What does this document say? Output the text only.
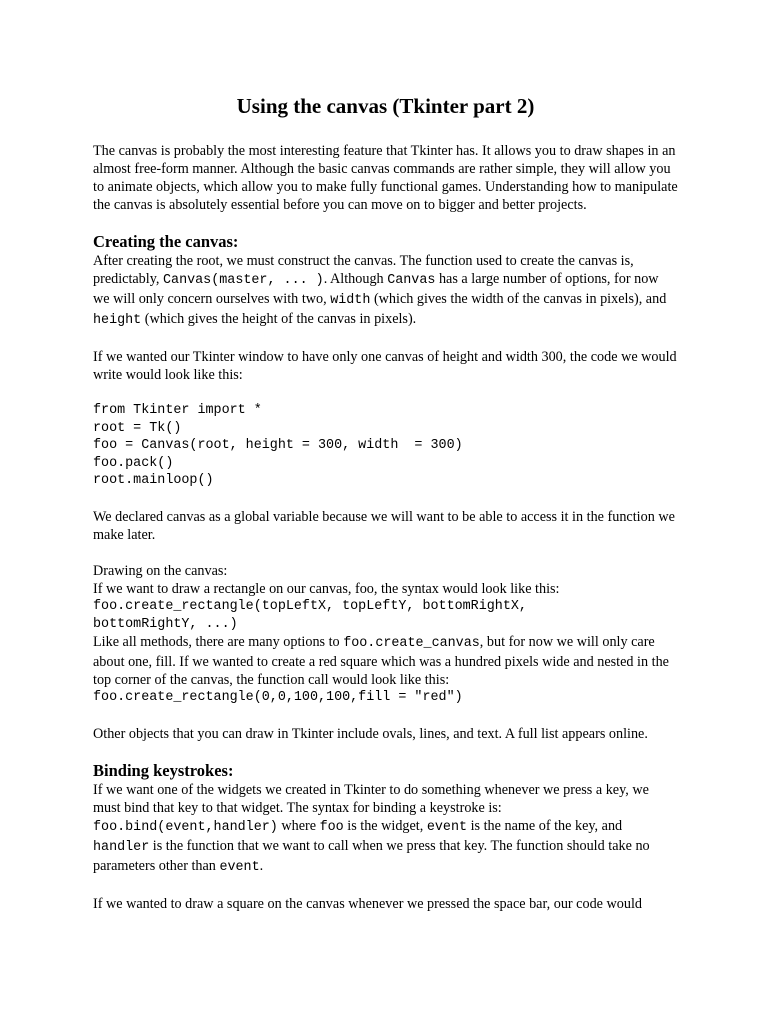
Using the canvas (Tkinter part 2)

The canvas is probably the most interesting feature that Tkinter has. It allows you to draw shapes in an almost free-form manner. Although the basic canvas commands are rather simple, they will allow you to animate objects, which allow you to make fully functional games. Understanding how to manipulate the canvas is absolutely essential before you can move on to bigger and better projects.

Creating the canvas:

After creating the root, we must construct the canvas. The function used to create the canvas is, predictably, Canvas(master, ... ). Although Canvas has a large number of options, for now we will only concern ourselves with two, width (which gives the width of the canvas in pixels), and height (which gives the height of the canvas in pixels).

If we wanted our Tkinter window to have only one canvas of height and width 300, the code we would write would look like this:

from Tkinter import *
root = Tk()
foo = Canvas(root, height = 300, width  = 300)
foo.pack()
root.mainloop()

We declared canvas as a global variable because we will want to be able to access it in the function we make later.

Drawing on the canvas:

If we want to draw a rectangle on our canvas, foo, the syntax would look like this:

foo.create_rectangle(topLeftX, topLeftY, bottomRightX,
bottomRightY, ...)

Like all methods, there are many options to foo.create_canvas, but for now we will only care about one, fill. If we wanted to create a red square which was a hundred pixels wide and nested in the top corner of the canvas, the function call would look like this:

foo.create_rectangle(0,0,100,100,fill = "red")

Other objects that you can draw in Tkinter include ovals, lines, and text. A full list appears online.

Binding keystrokes:

If we want one of the widgets we created in Tkinter to do something whenever we press a key, we must bind that key to that widget. The syntax for binding a keystroke is: foo.bind(event,handler) where foo is the widget, event is the name of the key, and handler is the function that we want to call when we press that key. The function should take no parameters other than event.

If we wanted to draw a square on the canvas whenever we pressed the space bar, our code would
